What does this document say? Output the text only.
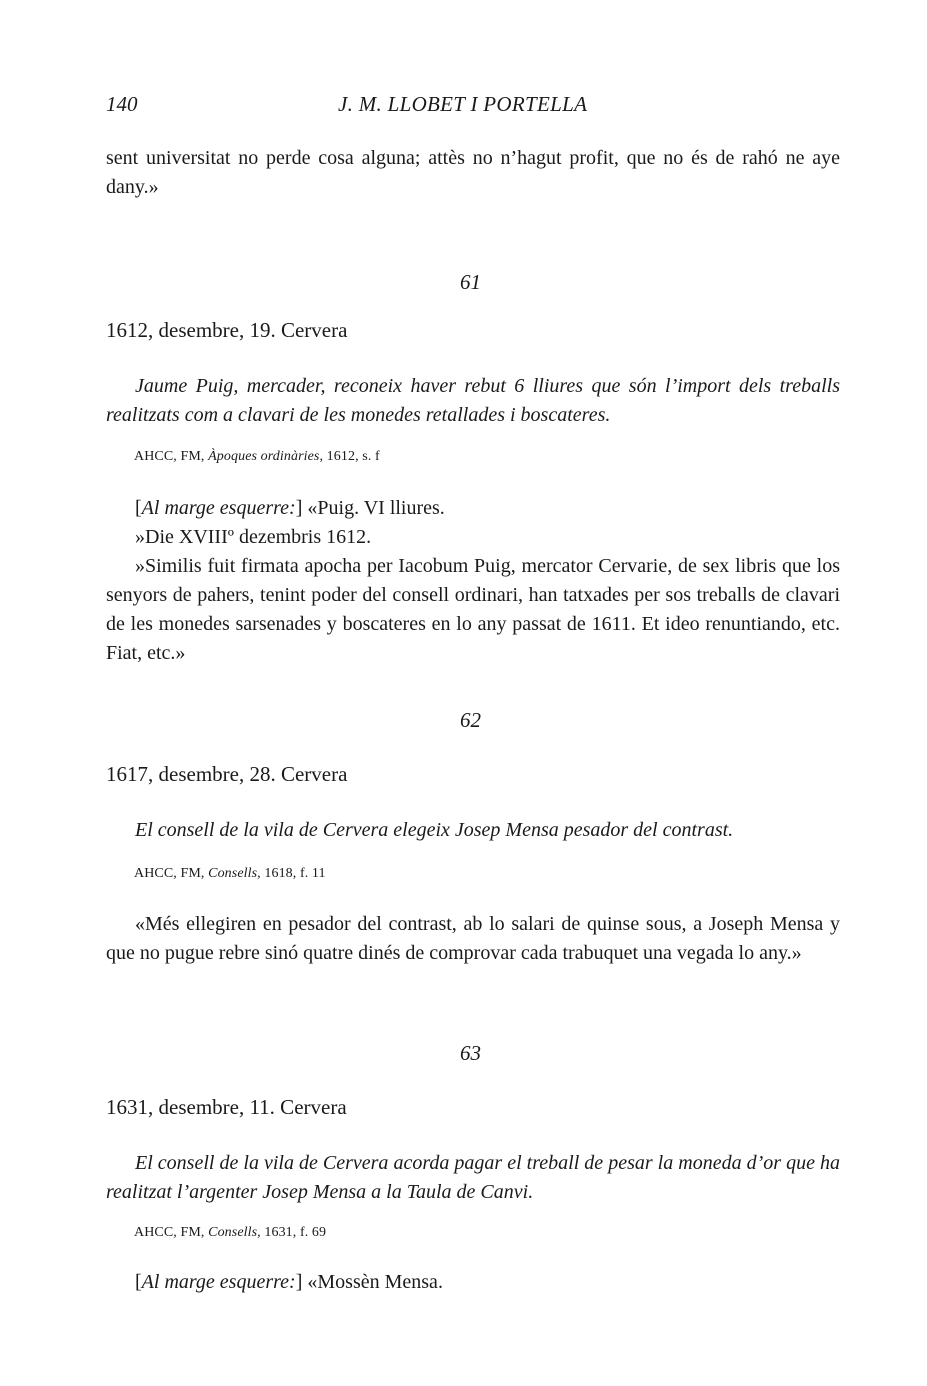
140	J. M. LLOBET I PORTELLA
sent universitat no perde cosa alguna; attès no n’hagut profit, que no és de rahó ne aye dany.»
61
1612, desembre, 19. Cervera
Jaume Puig, mercader, reconeix haver rebut 6 lliures que són l’import dels treballs realitzats com a clavari de les monedes retallades i boscateres.
AHCC, FM, Àpoques ordinàries, 1612, s. f
[Al marge esquerre:] «Puig. VI lliures.
»Die XVIIIº dezembris 1612.
»Similis fuit firmata apocha per Iacobum Puig, mercator Cervarie, de sex libris que los senyors de pahers, tenint poder del consell ordinari, han tatxades per sos treballs de clavari de les monedes sarsenades y boscateres en lo any passat de 1611. Et ideo renuntiando, etc. Fiat, etc.»
62
1617, desembre, 28. Cervera
El consell de la vila de Cervera elegeix Josep Mensa pesador del contrast.
AHCC, FM, Consells, 1618, f. 11
«Més ellegiren en pesador del contrast, ab lo salari de quinse sous, a Joseph Mensa y que no pugue rebre sinó quatre dinés de comprovar cada trabuquet una vegada lo any.»
63
1631, desembre, 11. Cervera
El consell de la vila de Cervera acorda pagar el treball de pesar la moneda d’or que ha realitzat l’argenter Josep Mensa a la Taula de Canvi.
AHCC, FM, Consells, 1631, f. 69
[Al marge esquerre:] «Mossèn Mensa.
